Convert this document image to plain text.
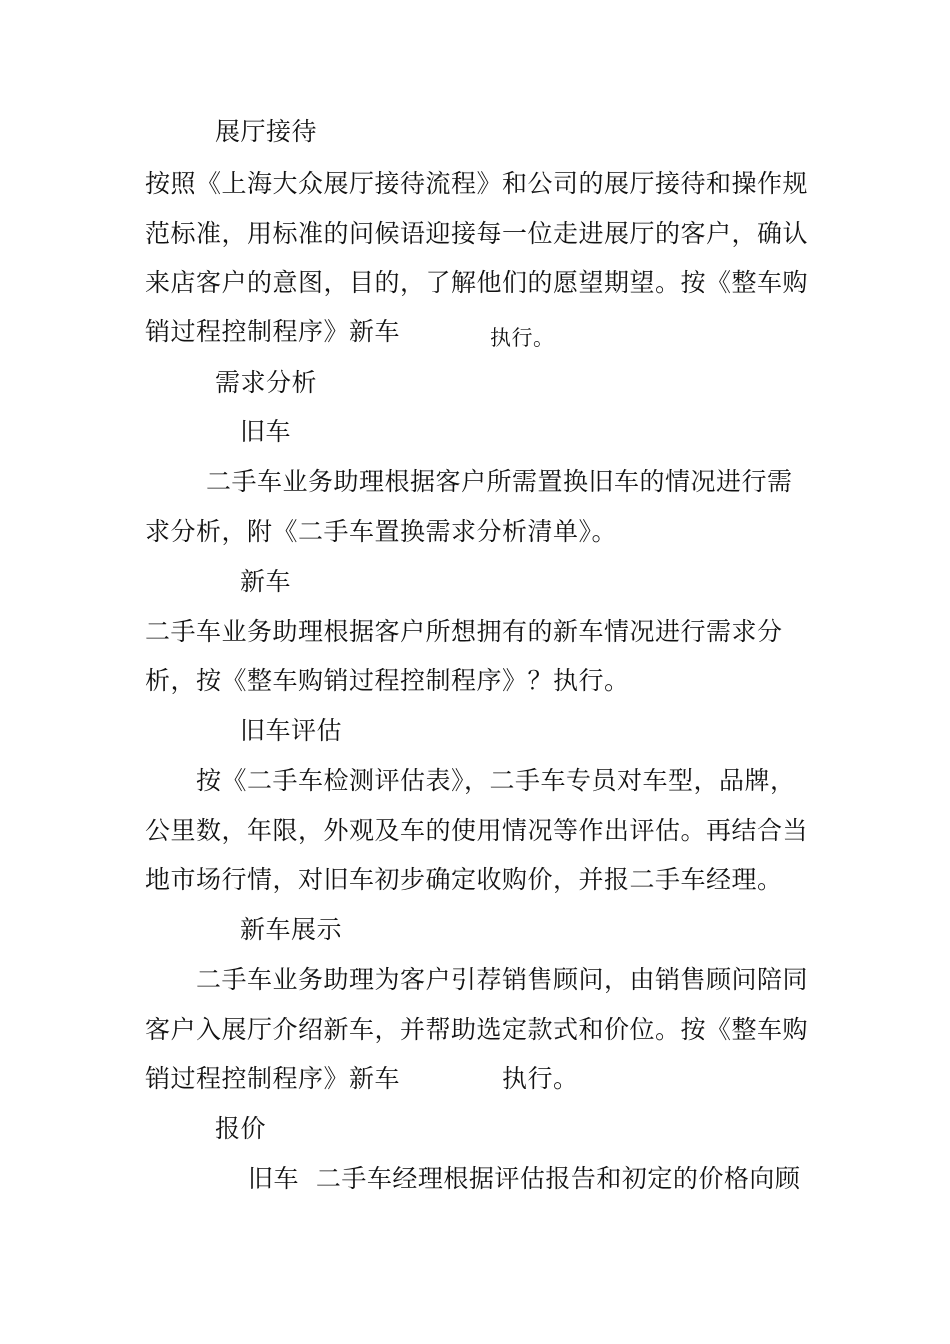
展厅接待
按照《上海大众展厅接待流程》和公司的展厅接待和操作规
范标准，用标准的问候语迎接每一位走进展厅的客户，确认
来店客户的意图，目的，了解他们的愿望期望。按《整车购
销过程控制程序》新车	执行。
需求分析
旧车
二手车业务助理根据客户所需置换旧车的情况进行需
求分析，附《二手车置换需求分析清单》。
新车
二手车业务助理根据客户所想拥有的新车情况进行需求分
析，按《整车购销过程控制程序》？执行。
旧车评估
按《二手车检测评估表》，二手车专员对车型，品牌，
公里数，年限，外观及车的使用情况等作出评估。再结合当
地市场行情，对旧车初步确定收购价，并报二手车经理。
新车展示
二手车业务助理为客户引荐销售顾问，由销售顾问陪同
客户入展厅介绍新车，并帮助选定款式和价位。按《整车购
销过程控制程序》新车	执行。
报价
旧车  二手车经理根据评估报告和初定的价格向顾
